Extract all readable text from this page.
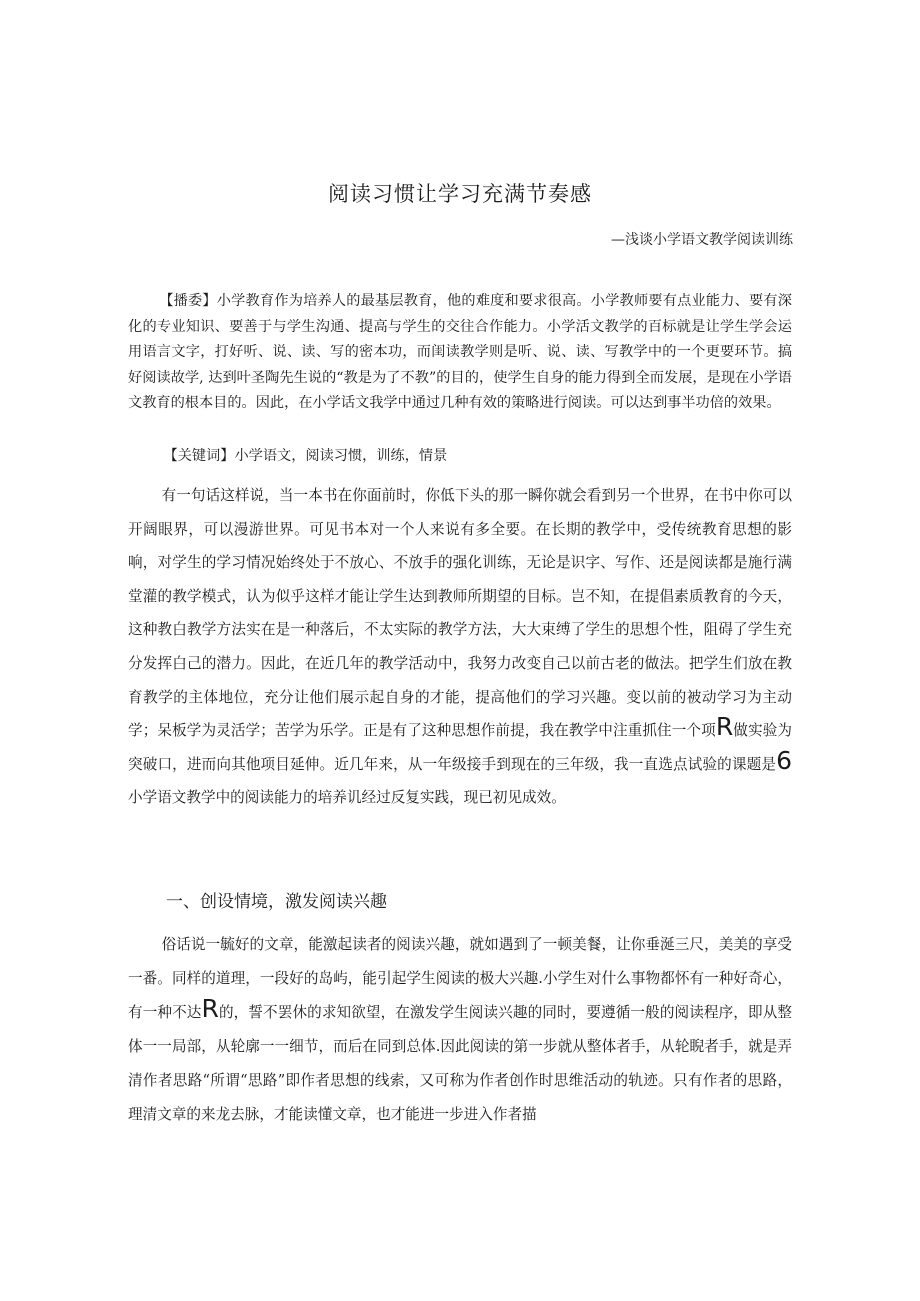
阅读习惯让学习充满节奏感
—浅谈小学语文教学阅读训练
【播委】小学教育作为培养人的最基层教育，他的难度和要求很高。小学教师要有点业能力、要有深化的专业知识、要善于与学生沟通、提高与学生的交往合作能力。小学活文教学的百标就是让学生学会运用语言文字，打好听、说、读、写的密本功，而闺读教学则是听、说、读、写教学中的一个更要环节。搞好阅读故学, 达到叶圣陶先生说的“教是为了不教”的目的，使学生自身的能力得到全而发展，是现在小学语文教育的根本目的。因此，在小学话文我学中通过几种有效的策略进行阅读。可以达到事半功倍的效果。
【关键词】小学语文，阅读习惯，训练，情景
有一句话这样说，当一本书在你面前时，你低下头的那一瞬你就会看到另一个世界，在书中你可以开阔眼界，可以漫游世界。可见书本对一个人来说有多全要。在长期的教学中，受传统教育思想的影响，对学生的学习情况始终处于不放心、不放手的强化训练，无论是识字、写作、还是阅读都是施行满堂灌的教学模式，认为似乎这样才能让学生达到教师所期望的目标。岂不知，在提倡素质教育的今天，这种教白教学方法实在是一种落后，不太实际的教学方法，大大束缚了学生的思想个性，阻碍了学生充分发挥白己的潜力。因此，在近几年的教学活动中，我努力改变自己以前古老的做法。把学生们放在教育教学的主体地位，充分让他们展示起自身的才能，提高他们的学习兴趣。变以前的被动学习为主动学；呆板学为灵活学；苦学为乐学。正是有了这种思想作前提，我在教学中注重抓住一个项R做实验为突破口，进而向其他项目延伸。近几年来，从一年级接手到现在的三年级，我一直选点试验的课题是6小学语文教学中的阅读能力的培养讥经过反复实践，现已初见成效。
一、创设情境，激发阅读兴趣
俗话说一毓好的文章，能激起读者的阅读兴趣，就如遇到了一顿美餐，让你垂涎三尺，美美的享受一番。同样的道理，一段好的岛屿，能引起学生阅读的极大兴趣.小学生对什么事物都怀有一种好奇心，有一种不达R的，誓不罢休的求知欲望，在激发学生阅读兴趣的同时，要遵循一般的阅读程序，即从整体一一局部，从轮廓一一细节，而后在同到总体.因此阅读的第一步就从整体者手，从轮睨者手，就是弄清作者思路“所谓“思路”即作者思想的线索，又可称为作者创作时思维活动的轨迹。只有作者的思路，理清文章的来龙去脉，才能读懂文章，也才能进一步进入作者描
